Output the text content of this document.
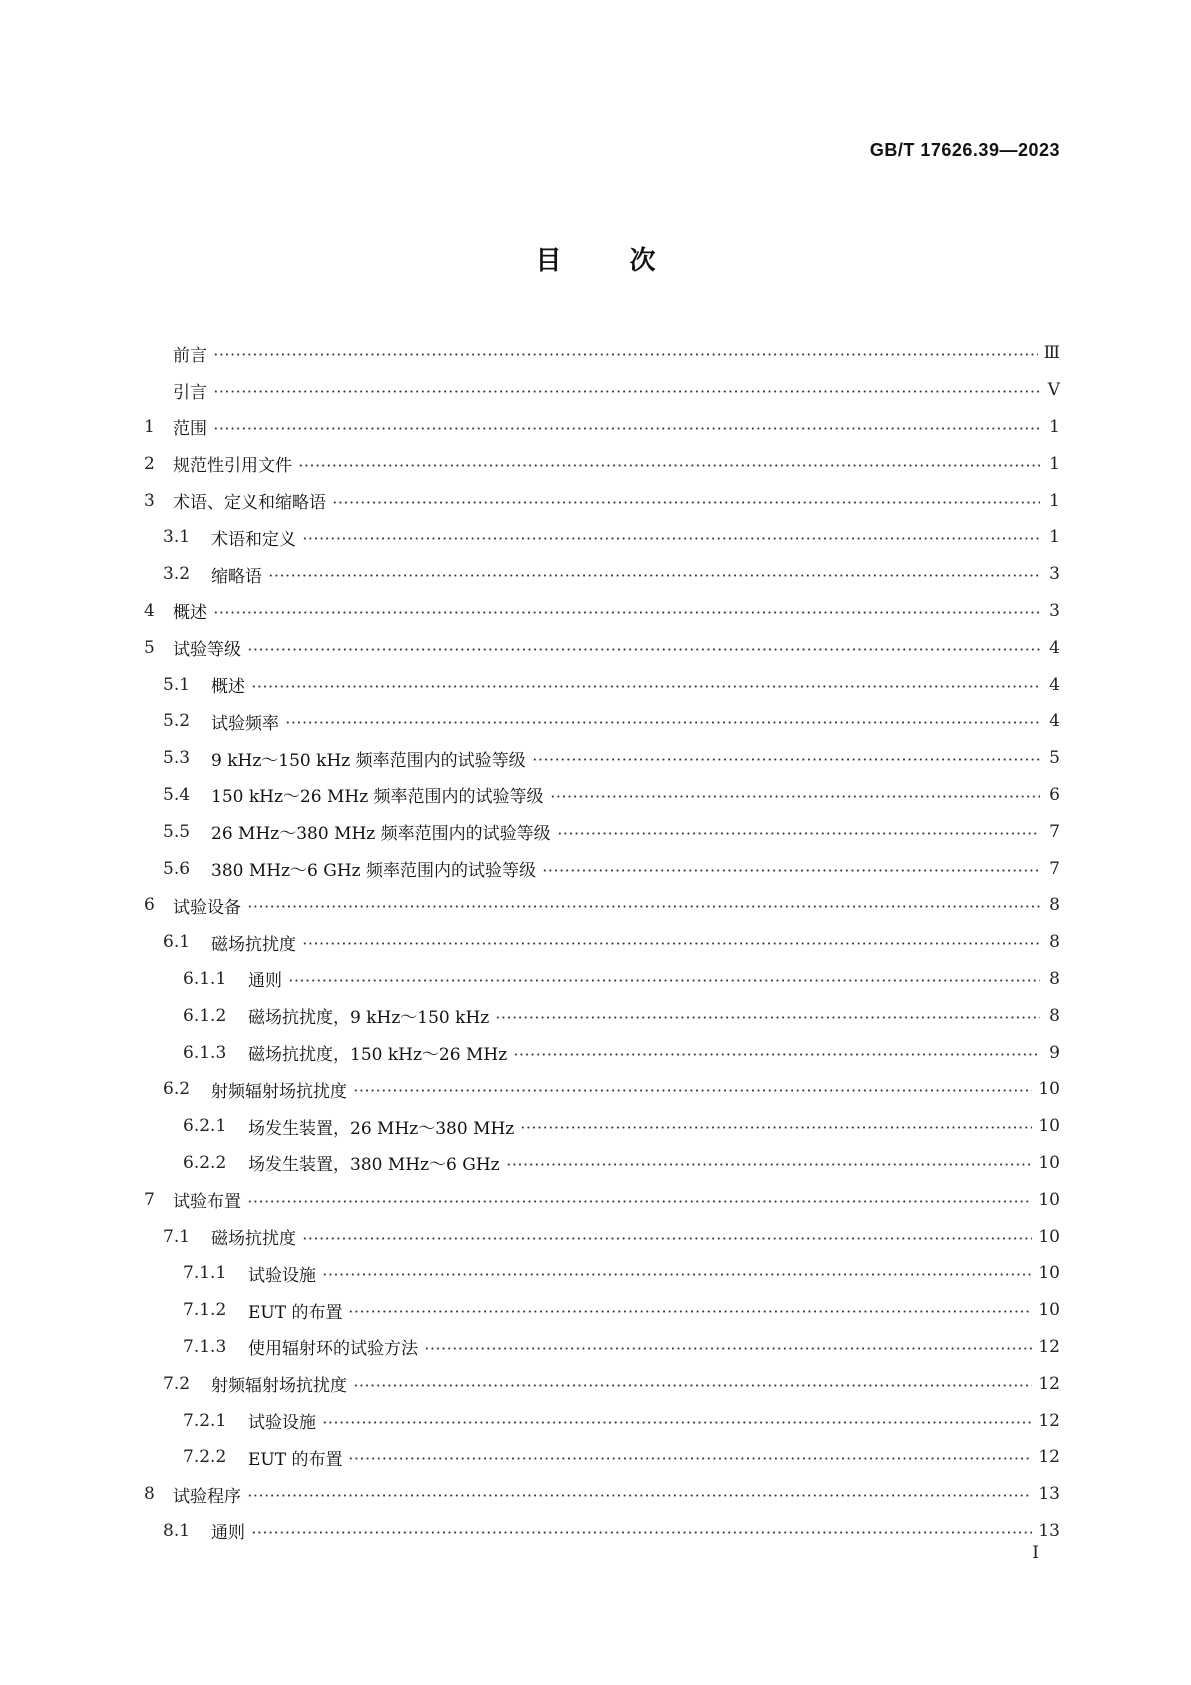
GB/T 17626.39—2023
目	次
前言	Ⅲ
引言	Ⅴ
1	范围	1
2	规范性引用文件	1
3	术语、定义和缩略语	1
3.1	术语和定义	1
3.2	缩略语	3
4	概述	3
5	试验等级	4
5.1	概述	4
5.2	试验频率	4
5.3	9 kHz～150 kHz 频率范围内的试验等级	5
5.4	150 kHz～26 MHz 频率范围内的试验等级	6
5.5	26 MHz～380 MHz 频率范围内的试验等级	7
5.6	380 MHz～6 GHz 频率范围内的试验等级	7
6	试验设备	8
6.1	磁场抗扰度	8
6.1.1	通则	8
6.1.2	磁场抗扰度，9 kHz～150 kHz	8
6.1.3	磁场抗扰度，150 kHz～26 MHz	9
6.2	射频辐射场抗扰度	10
6.2.1	场发生装置，26 MHz～380 MHz	10
6.2.2	场发生装置，380 MHz～6 GHz	10
7	试验布置	10
7.1	磁场抗扰度	10
7.1.1	试验设施	10
7.1.2	EUT 的布置	10
7.1.3	使用辐射环的试验方法	12
7.2	射频辐射场抗扰度	12
7.2.1	试验设施	12
7.2.2	EUT 的布置	12
8	试验程序	13
8.1	通则	13
I
